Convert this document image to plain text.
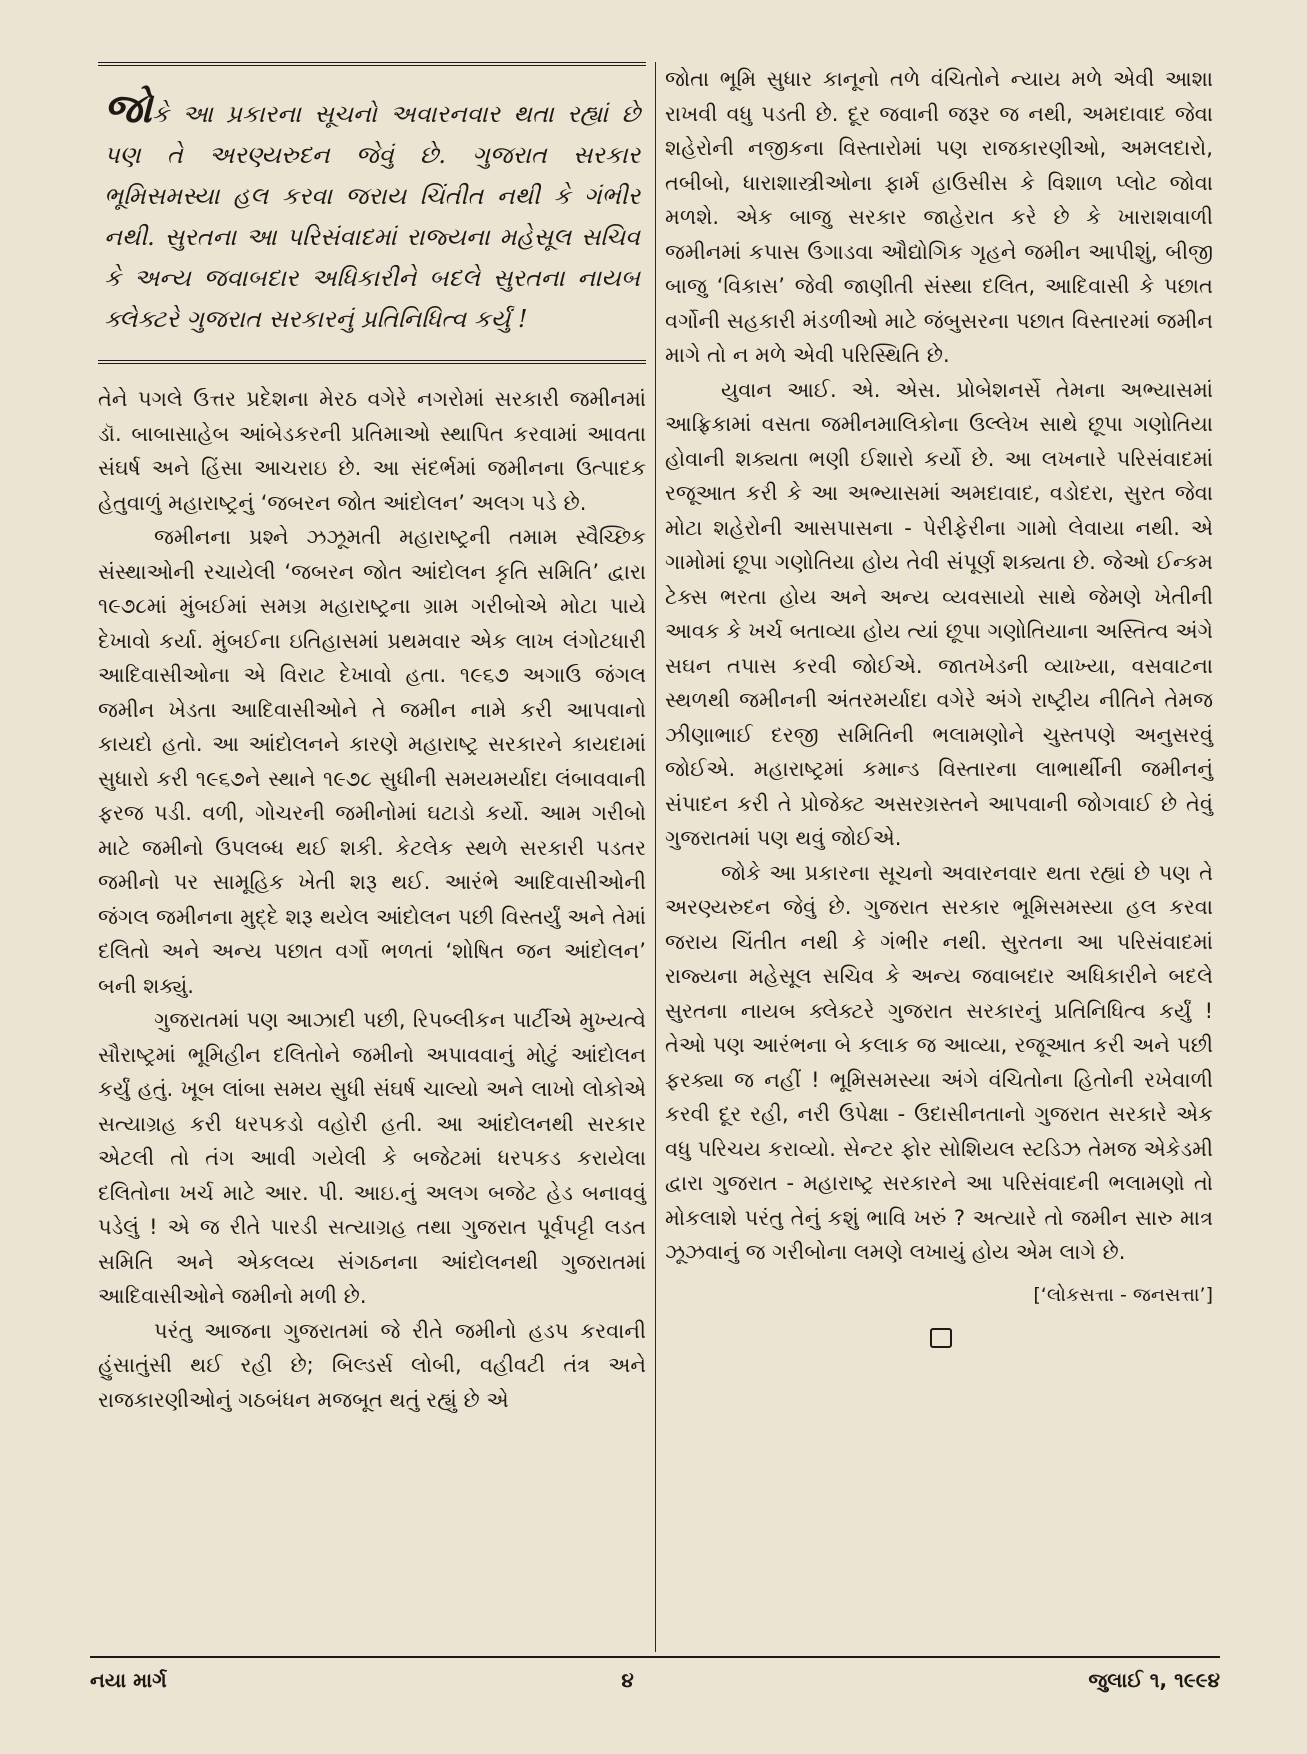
જોકે આ પ્રકારના સૂચનો અવારનવાર થતા રહ્યાં છે પણ તે અરણ્યરુદન જેવું છે. ગુજરાત સરકાર ભૂમિસમસ્યા હલ કરવા જરાય ચિંતીત નથી કે ગંભીર નથી. સુરતના આ પરિસંવાદમાં રાજ્યના મહેસૂલ સચિવ કે અન્ય જવાબદાર અધિકારીને બદલે સુરતના નાયબ ક્લેક્ટરે ગુજરાત સરકારનું પ્રતિનિધિત્વ કર્યું !

તેને પગલે ઉત્તર પ્રદેશના મેરઠ વગેરે નગરોમાં સરકારી જમીનમાં ડૉ. બાબાસાહેબ આંબેડકરની પ્રતિમાઓ સ્થાપિત કરવામાં આવતા સંઘર્ષ અને હિંસા આચરાઇ છે. આ સંદર્ભમાં જમીનના ઉત્પાદક હેતુવાળું મહારાષ્ટ્રનું ‘જબરન જોત આંદોલન’ અલગ પડે છે.

જમીનના પ્રશ્ને ઝઝૂમતી મહારાષ્ટ્રની તમામ સ્વૈચ્છિક સંસ્થાઓની રચાયેલી ‘જબરન જોત આંદોલન કૃતિ સમિતિ’ દ્વારા ૧૯૭૮માં મુંબઈમાં સમગ્ર મહારાષ્ટ્રના ગ્રામ ગરીબોએ મોટા પાયે દેખાવો કર્યા. મુંબઈના ઇતિહાસમાં પ્રથમવાર એક લાખ લંગોટધારી આદિવાસીઓના એ વિરાટ દેખાવો હતા. ૧૯૬૭ અગાઉ જંગલ જમીન ખેડતા આદિવાસીઓને તે જમીન નામે કરી આપવાનો કાયદો હતો. આ આંદોલનને કારણે મહારાષ્ટ્ર સરકારને કાયદામાં સુધારો કરી ૧૯૬૭ને સ્થાને ૧૯૭૮ સુધીની સમયમર્યાદા લંબાવવાની ફરજ પડી. વળી, ગોચરની જમીનોમાં ઘટાડો કર્યો. આમ ગરીબો માટે જમીનો ઉપલબ્ધ થઈ શકી. કેટલેક સ્થળે સરકારી પડતર જમીનો પર સામૂહિક ખેતી શરૂ થઈ. આરંભે આદિવાસીઓની જંગલ જમીનના મુદ્દે શરૂ થયેલ આંદોલન પછી વિસ્તર્યું અને તેમાં દલિતો અને અન્ય પછાત વર્ગો ભળતાં ‘શોષિત જન આંદોલન’ બની શક્યું.

ગુજરાતમાં પણ આઝાદી પછી, રિપબ્લીકન પાર્ટીએ મુખ્યત્વે સૌરાષ્ટ્રમાં ભૂમિહીન દલિતોને જમીનો અપાવવાનું મોટું આંદોલન કર્યું હતું. ખૂબ લાંબા સમય સુધી સંઘર્ષ ચાલ્યો અને લાખો લોકોએ સત્યાગ્રહ કરી ધરપકડો વહોરી હતી. આ આંદોલનથી સરકાર એટલી તો તંગ આવી ગયેલી કે બજેટમાં ધરપકડ કરાયેલા દલિતોના ખર્ચ માટે આર. પી. આઇ.નું અલગ બજેટ હેડ બનાવવું પડેલું ! એ જ રીતે પારડી સત્યાગ્રહ તથા ગુજરાત પૂર્વપટ્ટી લડત સમિતિ અને એકલવ્ય સંગઠનના આંદોલનથી ગુજરાતમાં આદિવાસીઓને જમીનો મળી છે.

પરંતુ આજના ગુજરાતમાં જે રીતે જમીનો હડપ કરવાની હુંસાતુંસી થઈ રહી છે; બિલ્ડર્સ લોબી, વહીવટી તંત્ર અને રાજકારણીઓનું ગઠબંધન મજબૂત થતું રહ્યું છે એ

જોતા ભૂમિ સુધાર કાનૂનો તળે વંચિતોને ન્યાય મળે એવી આશા રાખવી વધુ પડતી છે. દૂર જવાની જરૂર જ નથી, અમદાવાદ જેવા શહેરોની નજીકના વિસ્તારોમાં પણ રાજકારણીઓ, અમલદારો, તબીબો, ધારાશાસ્ત્રીઓના ફાર્મ હાઉસીસ કે વિશાળ પ્લોટ જોવા મળશે. એક બાજુ સરકાર જાહેરાત કરે છે કે ખારાશવાળી જમીનમાં કપાસ ઉગાડવા ઔદ્યોગિક ગૃહને જમીન આપીશું, બીજી બાજુ ‘વિકાસ’ જેવી જાણીતી સંસ્થા દલિત, આદિવાસી કે પછાત વર્ગોની સહકારી મંડળીઓ માટે જંબુસરના પછાત વિસ્તારમાં જમીન માગે તો ન મળે એવી પરિસ્થિતિ છે.

યુવાન આઈ. એ. એસ. પ્રોબેશનર્સે તેમના અભ્યાસમાં આફ્રિકામાં વસતા જમીનમાલિકોના ઉલ્લેખ સાથે છૂપા ગણોતિયા હોવાની શક્યતા ભણી ઈશારો કર્યો છે. આ લખનારે પરિસંવાદમાં રજૂઆત કરી કે આ અભ્યાસમાં અમદાવાદ, વડોદરા, સુરત જેવા મોટા શહેરોની આસપાસના - પેરીફેરીના ગામો લેવાયા નથી. એ ગામોમાં છૂપા ગણોતિયા હોય તેવી સંપૂર્ણ શક્યતા છે. જેઓ ઈન્કમ ટેક્સ ભરતા હોય અને અન્ય વ્યવસાયો સાથે જેમણે ખેતીની આવક કે ખર્ચ બતાવ્યા હોય ત્યાં છૂપા ગણોતિયાના અસ્તિત્વ અંગે સઘન તપાસ કરવી જોઈએ. જાતખેડની વ્યાખ્યા, વસવાટના સ્થળથી જમીનની અંતરમર્યાદા વગેરે અંગે રાષ્ટ્રીય નીતિને તેમજ ઝીણાભાઈ દરજી સમિતિની ભલામણોને ચુસ્તપણે અનુસરવું જોઈએ. મહારાષ્ટ્રમાં કમાન્ડ વિસ્તારના લાભાર્થીની જમીનનું સંપાદન કરી તે પ્રોજેક્ટ અસરગ્રસ્તને આપવાની જોગવાઈ છે તેવું ગુજરાતમાં પણ થવું જોઈએ.

જોકે આ પ્રકારના સૂચનો અવારનવાર થતા રહ્યાં છે પણ તે અરણ્યરુદન જેવું છે. ગુજરાત સરકાર ભૂમિસમસ્યા હલ કરવા જરાય ચિંતીત નથી કે ગંભીર નથી. સુરતના આ પરિસંવાદમાં રાજ્યના મહેસૂલ સચિવ કે અન્ય જવાબદાર અધિકારીને બદલે સુરતના નાયબ ક્લેક્ટરે ગુજરાત સરકારનું પ્રતિનિધિત્વ કર્યું ! તેઓ પણ આરંભના બે કલાક જ આવ્યા, રજૂઆત કરી અને પછી ફરક્યા જ નહીં ! ભૂમિસમસ્યા અંગે વંચિતોના હિતોની રખેવાળી કરવી દૂર રહી, નરી ઉપેક્ષા - ઉદાસીનતાનો ગુજરાત સરકારે એક વધુ પરિચય કરાવ્યો. સેન્ટર ફોર સોશિયલ સ્ટડિઝ તેમજ એકેડમી દ્વારા ગુજરાત - મહારાષ્ટ્ર સરકારને આ પરિસંવાદની ભલામણો તો મોકલાશે પરંતુ તેનું કશું ભાવિ ખરું ? અત્યારે તો જમીન સારુ માત્ર ઝૂઝવાનું જ ગરીબોના લમણે લખાયું હોય એમ લાગે છે.

[‘લોકસત્તા - જનસત્તા’]
નયા માર્ગ	૪	જુલાઈ ૧, ૧૯૯૪
